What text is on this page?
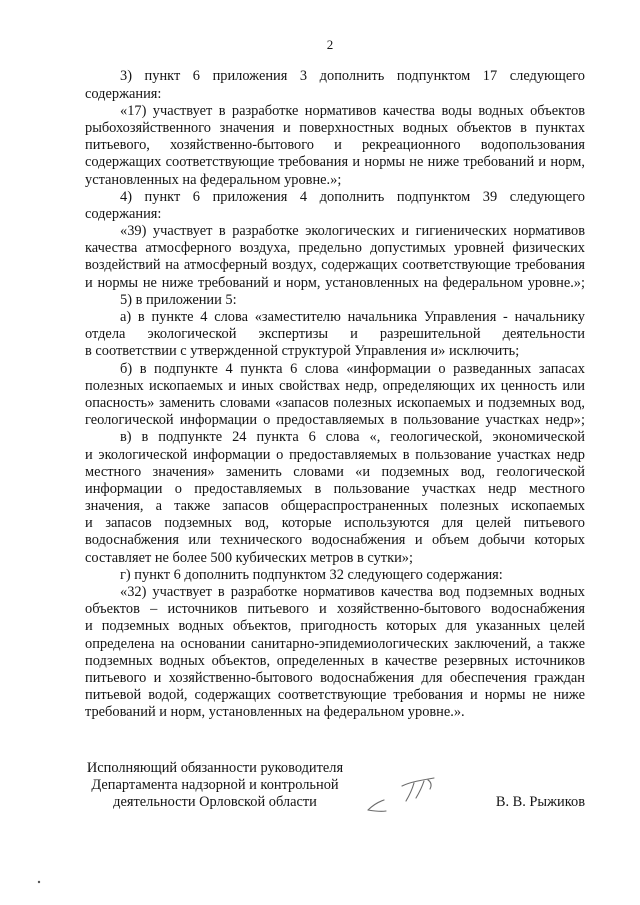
2
3) пункт 6 приложения 3 дополнить подпунктом 17 следующего
содержания:
«17) участвует в разработке нормативов качества воды водных объектов
рыбохозяйственного значения и поверхностных водных объектов в пунктах
питьевого, хозяйственно-бытового и рекреационного водопользования
содержащих соответствующие требования и нормы не ниже требований и норм,
установленных на федеральном уровне.»;
4) пункт 6 приложения 4 дополнить подпунктом 39 следующего
содержания:
«39) участвует в разработке экологических и гигиенических нормативов
качества атмосферного воздуха, предельно допустимых уровней физических
воздействий на атмосферный воздух, содержащих соответствующие требования
и нормы не ниже требований и норм, установленных на федеральном уровне.»;
5) в приложении 5:
а) в пункте 4 слова «заместителю начальника Управления - начальнику
отдела экологической экспертизы и разрешительной деятельности
в соответствии с утвержденной структурой Управления и» исключить;
б) в подпункте 4 пункта 6 слова «информации о разведанных запасах
полезных ископаемых и иных свойствах недр, определяющих их ценность или
опасность» заменить словами «запасов полезных ископаемых и подземных вод,
геологической информации о предоставляемых в пользование участках недр»;
в) в подпункте 24 пункта 6 слова «, геологической, экономической
и экологической информации о предоставляемых в пользование участках недр
местного значения» заменить словами «и подземных вод, геологической
информации о предоставляемых в пользование участках недр местного
значения, а также запасов общераспространенных полезных ископаемых
и запасов подземных вод, которые используются для целей питьевого
водоснабжения или технического водоснабжения и объем добычи которых
составляет не более 500 кубических метров в сутки»;
г) пункт 6 дополнить подпунктом 32 следующего содержания:
«32) участвует в разработке нормативов качества вод подземных водных
объектов – источников питьевого и хозяйственно-бытового водоснабжения
и подземных водных объектов, пригодность которых для указанных целей
определена на основании санитарно-эпидемиологических заключений, а также
подземных водных объектов, определенных в качестве резервных источников
питьевого и хозяйственно-бытового водоснабжения для обеспечения граждан
питьевой водой, содержащих соответствующие требования и нормы не ниже
требований и норм, установленных на федеральном уровне.».
Исполняющий обязанности руководителя
Департамента надзорной и контрольной
деятельности Орловской области	В. В. Рыжиков
